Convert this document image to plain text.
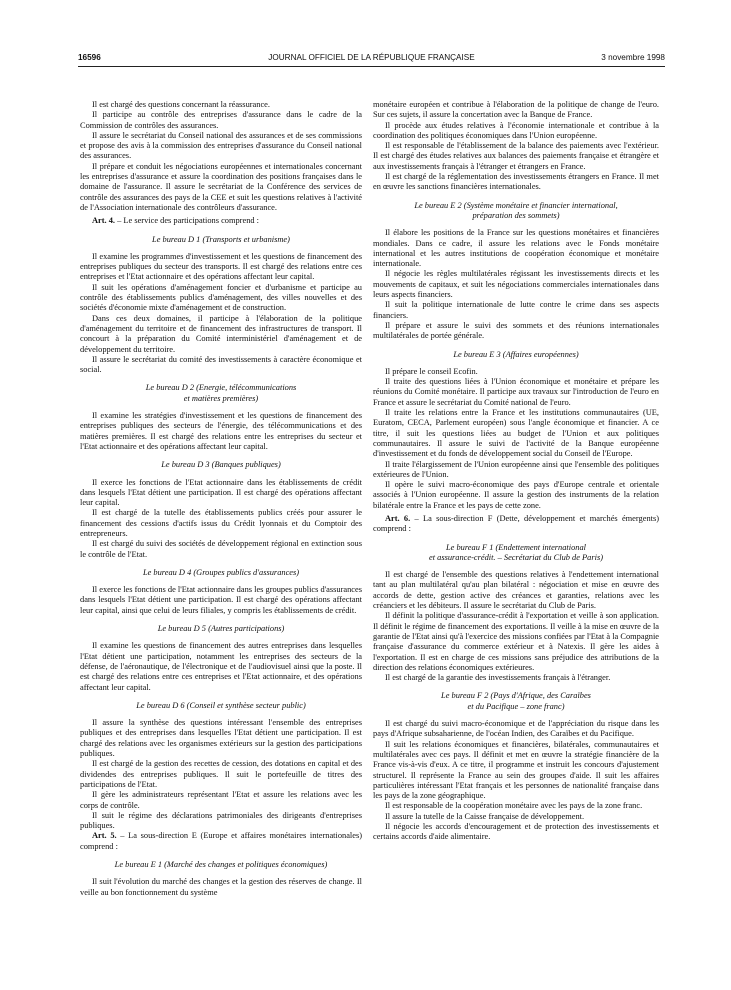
16596	JOURNAL OFFICIEL DE LA RÉPUBLIQUE FRANÇAISE	3 novembre 1998

Il est chargé des questions concernant la réassurance.

Il participe au contrôle des entreprises d'assurance dans le cadre de la Commission de contrôles des assurances.

Il assure le secrétariat du Conseil national des assurances et de ses commissions et propose des avis à la commission des entreprises d'assurance du Conseil national des assurances.

Il prépare et conduit les négociations européennes et internationales concernant les entreprises d'assurance et assure la coordination des positions françaises dans le domaine de l'assurance. Il assure le secrétariat de la Conférence des services de contrôle des assurances des pays de la CEE et suit les questions relatives à l'activité de l'Association internationale des contrôleurs d'assurance.

Art. 4. – Le service des participations comprend :

Le bureau D 1 (Transports et urbanisme)

Il examine les programmes d'investissement et les questions de financement des entreprises publiques du secteur des transports. Il est chargé des relations entre ces entreprises et l'Etat actionnaire et des opérations affectant leur capital.

Il suit les opérations d'aménagement foncier et d'urbanisme et participe au contrôle des établissements publics d'aménagement, des villes nouvelles et des sociétés d'économie mixte d'aménagement et de construction.

Dans ces deux domaines, il participe à l'élaboration de la politique d'aménagement du territoire et de financement des infrastructures de transport. Il concourt à la préparation du Comité interministériel d'aménagement et de développement du territoire.

Il assure le secrétariat du comité des investissements à caractère économique et social.

Le bureau D 2 (Energie, télécommunications
et matières premières)

Il examine les stratégies d'investissement et les questions de financement des entreprises publiques des secteurs de l'énergie, des télécommunications et des matières premières. Il est chargé des relations entre les entreprises du secteur et l'Etat actionnaire et des opérations affectant leur capital.

Le bureau D 3 (Banques publiques)

Il exerce les fonctions de l'Etat actionnaire dans les établissements de crédit dans lesquels l'Etat détient une participation. Il est chargé des opérations affectant leur capital.

Il est chargé de la tutelle des établissements publics créés pour assurer le financement des cessions d'actifs issus du Crédit lyonnais et du Comptoir des entrepreneurs.

Il est chargé du suivi des sociétés de développement régional en extinction sous le contrôle de l'Etat.

Le bureau D 4 (Groupes publics d'assurances)

Il exerce les fonctions de l'Etat actionnaire dans les groupes publics d'assurances dans lesquels l'Etat détient une participation. Il est chargé des opérations affectant leur capital, ainsi que celui de leurs filiales, y compris les établissements de crédit.

Le bureau D 5 (Autres participations)

Il examine les questions de financement des autres entreprises dans lesquelles l'Etat détient une participation, notamment les entreprises des secteurs de la défense, de l'aéronautique, de l'électronique et de l'audiovisuel ainsi que la poste. Il est chargé des relations entre ces entreprises et l'Etat actionnaire, et des opérations affectant leur capital.

Le bureau D 6 (Conseil et synthèse secteur public)

Il assure la synthèse des questions intéressant l'ensemble des entreprises publiques et des entreprises dans lesquelles l'Etat détient une participation. Il est chargé des relations avec les organismes extérieurs sur la gestion des participations publiques.

Il est chargé de la gestion des recettes de cession, des dotations en capital et des dividendes des entreprises publiques. Il suit le portefeuille de titres des participations de l'Etat.

Il gère les administrateurs représentant l'Etat et assure les relations avec les corps de contrôle.

Il suit le régime des déclarations patrimoniales des dirigeants d'entreprises publiques.

Art. 5. – La sous-direction E (Europe et affaires monétaires internationales) comprend :

Le bureau E 1 (Marché des changes et politiques économiques)

Il suit l'évolution du marché des changes et la gestion des réserves de change. Il veille au bon fonctionnement du système

monétaire européen et contribue à l'élaboration de la politique de change de l'euro. Sur ces sujets, il assure la concertation avec la Banque de France.

Il procède aux études relatives à l'économie internationale et contribue à la coordination des politiques économiques dans l'Union européenne.

Il est responsable de l'établissement de la balance des paiements avec l'extérieur. Il est chargé des études relatives aux balances des paiements française et étrangère et aux investissements français à l'étranger et étrangers en France.

Il est chargé de la réglementation des investissements étrangers en France. Il met en œuvre les sanctions financières internationales.

Le bureau E 2 (Système monétaire et financier international,
préparation des sommets)

Il élabore les positions de la France sur les questions monétaires et financières mondiales. Dans ce cadre, il assure les relations avec le Fonds monétaire international et les autres institutions de coopération économique et monétaire internationale.

Il négocie les règles multilatérales régissant les investissements directs et les mouvements de capitaux, et suit les négociations commerciales internationales dans leurs aspects financiers.

Il suit la politique internationale de lutte contre le crime dans ses aspects financiers.

Il prépare et assure le suivi des sommets et des réunions internationales multilatérales de portée générale.

Le bureau E 3 (Affaires européennes)

Il prépare le conseil Ecofin.

Il traite des questions liées à l'Union économique et monétaire et prépare les réunions du Comité monétaire. Il participe aux travaux sur l'introduction de l'euro en France et assure le secrétariat du Comité national de l'euro.

Il traite les relations entre la France et les institutions communautaires (UE, Euratom, CECA, Parlement européen) sous l'angle économique et financier. A ce titre, il suit les questions liées au budget de l'Union et aux politiques communautaires. Il assure le suivi de l'activité de la Banque européenne d'investissement et du fonds de développement social du Conseil de l'Europe.

Il traite l'élargissement de l'Union européenne ainsi que l'ensemble des politiques extérieures de l'Union.

Il opère le suivi macro-économique des pays d'Europe centrale et orientale associés à l'Union européenne. Il assure la gestion des instruments de la relation bilatérale entre la France et les pays de cette zone.

Art. 6. – La sous-direction F (Dette, développement et marchés émergents) comprend :

Le bureau F 1 (Endettement international
et assurance-crédit. – Secrétariat du Club de Paris)

Il est chargé de l'ensemble des questions relatives à l'endettement international tant au plan multilatéral qu'au plan bilatéral : négociation et mise en œuvre des accords de dette, gestion active des créances et garanties, relations avec les créanciers et les débiteurs. Il assure le secrétariat du Club de Paris.

Il définit la politique d'assurance-crédit à l'exportation et veille à son application. Il définit le régime de financement des exportations. Il veille à la mise en œuvre de la garantie de l'Etat ainsi qu'à l'exercice des missions confiées par l'Etat à la Compagnie française d'assurance du commerce extérieur et à Natexis. Il gère les aides à l'exportation. Il est en charge de ces missions sans préjudice des attributions de la direction des relations économiques extérieures.

Il est chargé de la garantie des investissements français à l'étranger.

Le bureau F 2 (Pays d'Afrique, des Caraïbes
et du Pacifique – zone franc)

Il est chargé du suivi macro-économique et de l'appréciation du risque dans les pays d'Afrique subsaharienne, de l'océan Indien, des Caraïbes et du Pacifique.

Il suit les relations économiques et financières, bilatérales, communautaires et multilatérales avec ces pays. Il définit et met en œuvre la stratégie financière de la France vis-à-vis d'eux. A ce titre, il programme et instruit les concours d'ajustement structurel. Il représente la France au sein des groupes d'aide. Il suit les affaires particulières intéressant l'Etat français et les personnes de nationalité française dans les pays de la zone géographique.

Il est responsable de la coopération monétaire avec les pays de la zone franc.

Il assure la tutelle de la Caisse française de développement.

Il négocie les accords d'encouragement et de protection des investissements et certains accords d'aide alimentaire.
